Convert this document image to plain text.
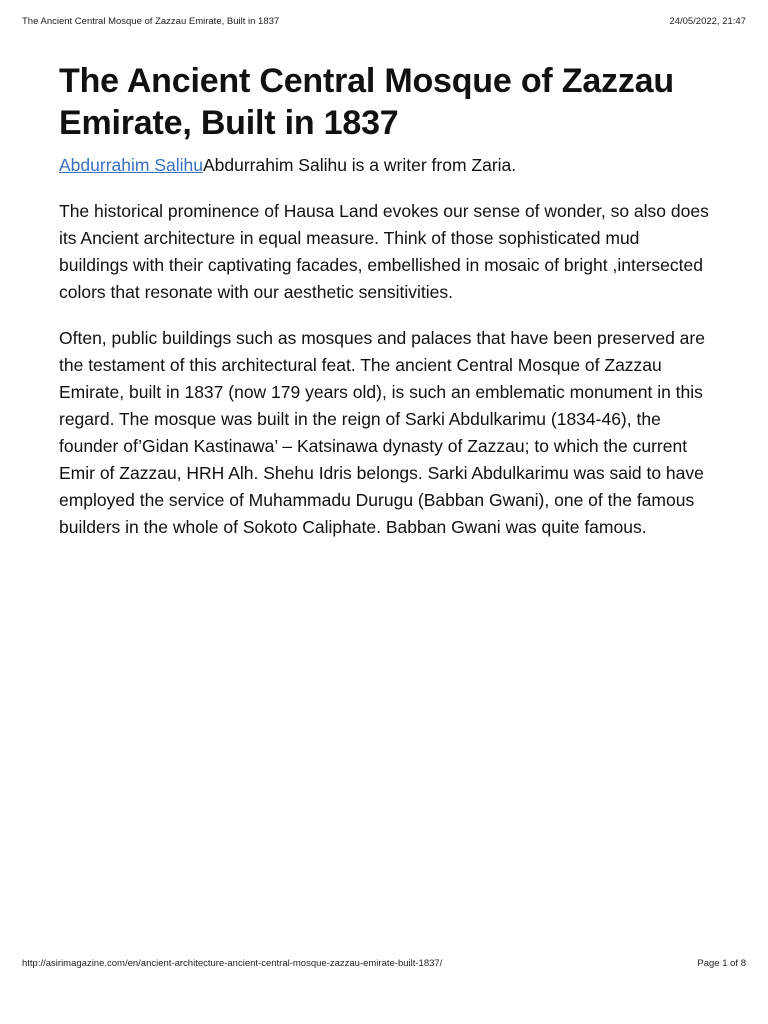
The Ancient Central Mosque of Zazzau Emirate, Built in 1837	24/05/2022, 21:47
The Ancient Central Mosque of Zazzau Emirate, Built in 1837
Abdurrahim SalihuAbdurrahim Salihu is a writer from Zaria.

The historical prominence of Hausa Land evokes our sense of wonder, so also does its Ancient architecture in equal measure. Think of those sophisticated mud buildings with their captivating facades, embellished in mosaic of bright ,intersected colors that resonate with our aesthetic sensitivities.

Often, public buildings such as mosques and palaces that have been preserved are the testament of this architectural feat. The ancient Central Mosque of Zazzau Emirate, built in 1837 (now 179 years old), is such an emblematic monument in this regard. The mosque was built in the reign of Sarki Abdulkarimu (1834-46), the founder of’Gidan Kastinawa’ – Katsinawa dynasty of Zazzau; to which the current Emir of Zazzau, HRH Alh. Shehu Idris belongs. Sarki Abdulkarimu was said to have employed the service of Muhammadu Durugu (Babban Gwani), one of the famous builders in the whole of Sokoto Caliphate. Babban Gwani was quite famous.

http://asirimagazine.com/en/ancient-architecture-ancient-central-mosque-zazzau-emirate-built-1837/	Page 1 of 8
